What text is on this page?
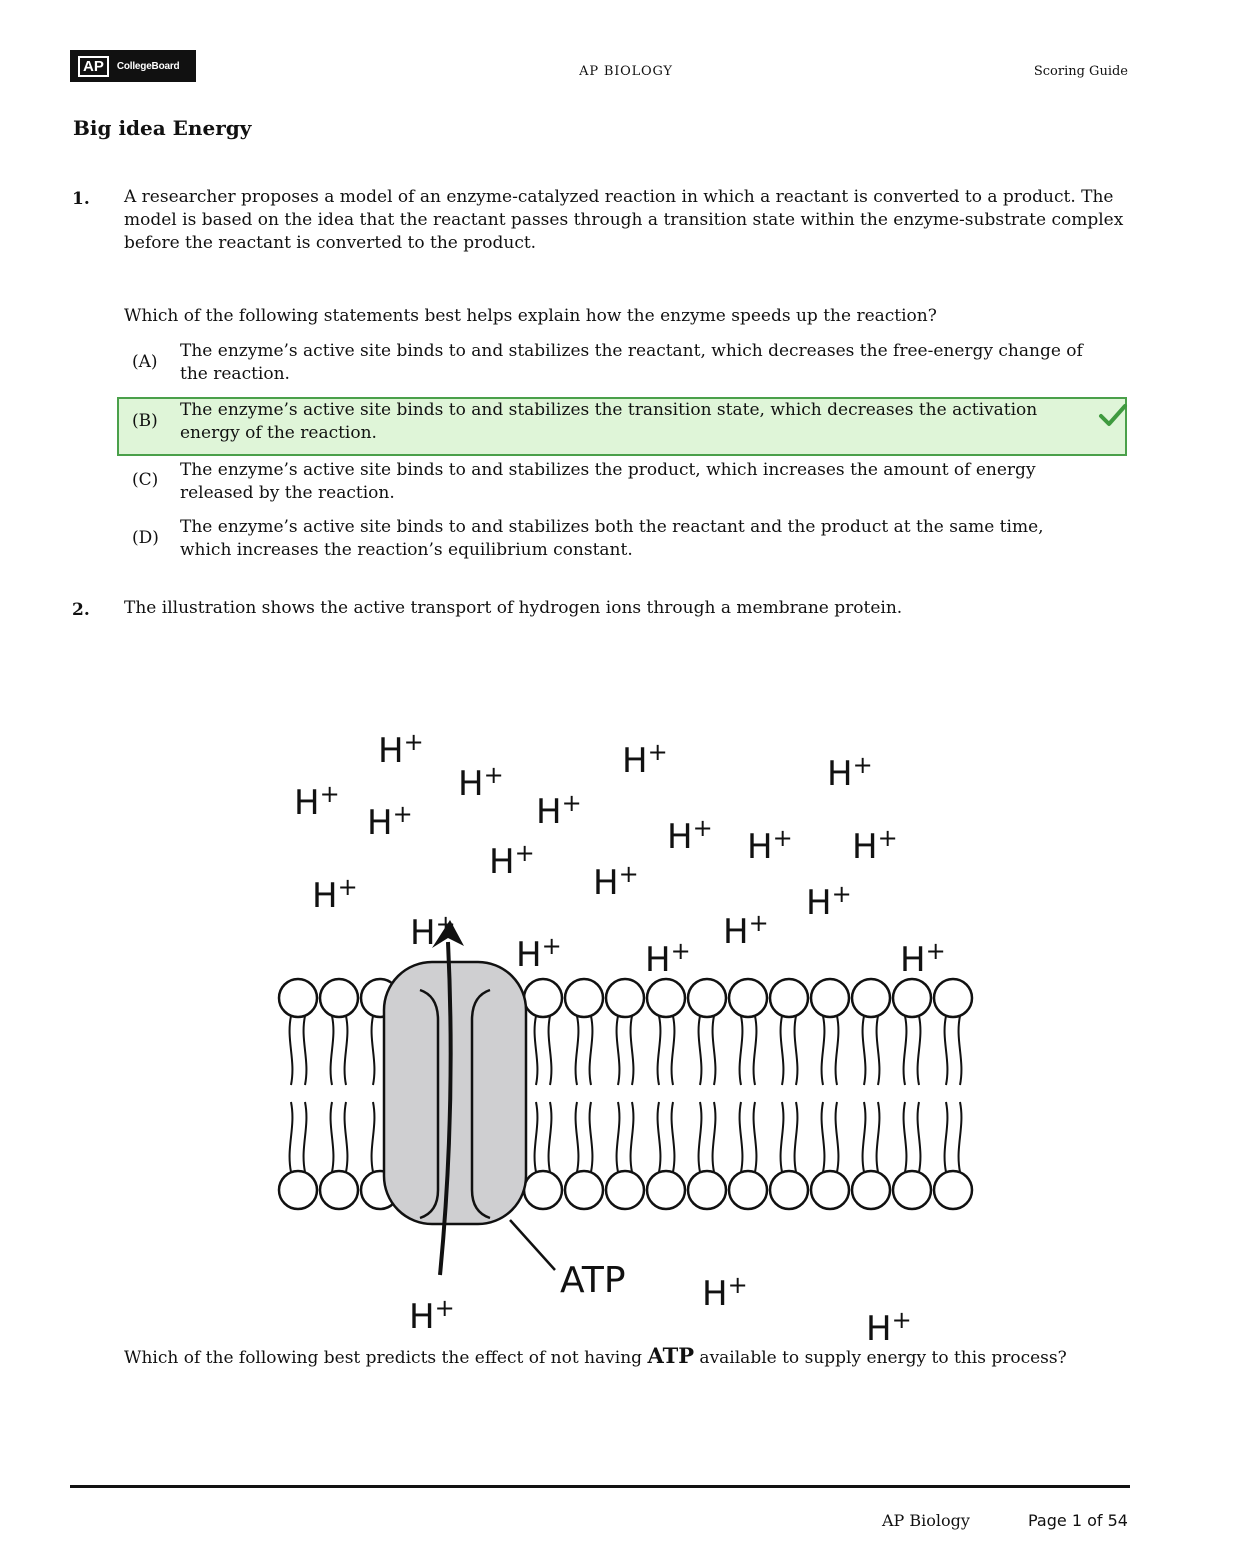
AP	CollegeBoard	AP BIOLOGY	Scoring Guide
Big idea Energy
1. A researcher proposes a model of an enzyme-catalyzed reaction in which a reactant is converted to a product. The
model is based on the idea that the reactant passes through a transition state within the enzyme-substrate complex
before the reactant is converted to the product.
Which of the following statements best helps explain how the enzyme speeds up the reaction?
(A)
The enzyme’s active site binds to and stabilizes the reactant, which decreases the free-energy change of
the reaction.
(B)
The enzyme’s active site binds to and stabilizes the transition state, which decreases the activation
energy of the reaction.
(C) The enzyme’s active site binds to and stabilizes the product, which increases the amount of energy
released by the reaction.
(D)
The enzyme’s active site binds to and stabilizes both the reactant and the product at the same time,
which increases the reaction’s equilibrium constant.
2. The illustration shows the active transport of hydrogen ions through a membrane protein.
H+	H+
H+
H+	H+
H+	H+
H+ H+ H+
H+
H+
H+	H+
H+	H+
H+ H+	H+
H+	H+
H+
ATP
Which of the following best predicts the effect of not having ATP available to supply energy to this process?
AP Biology	Page 1 of 54
